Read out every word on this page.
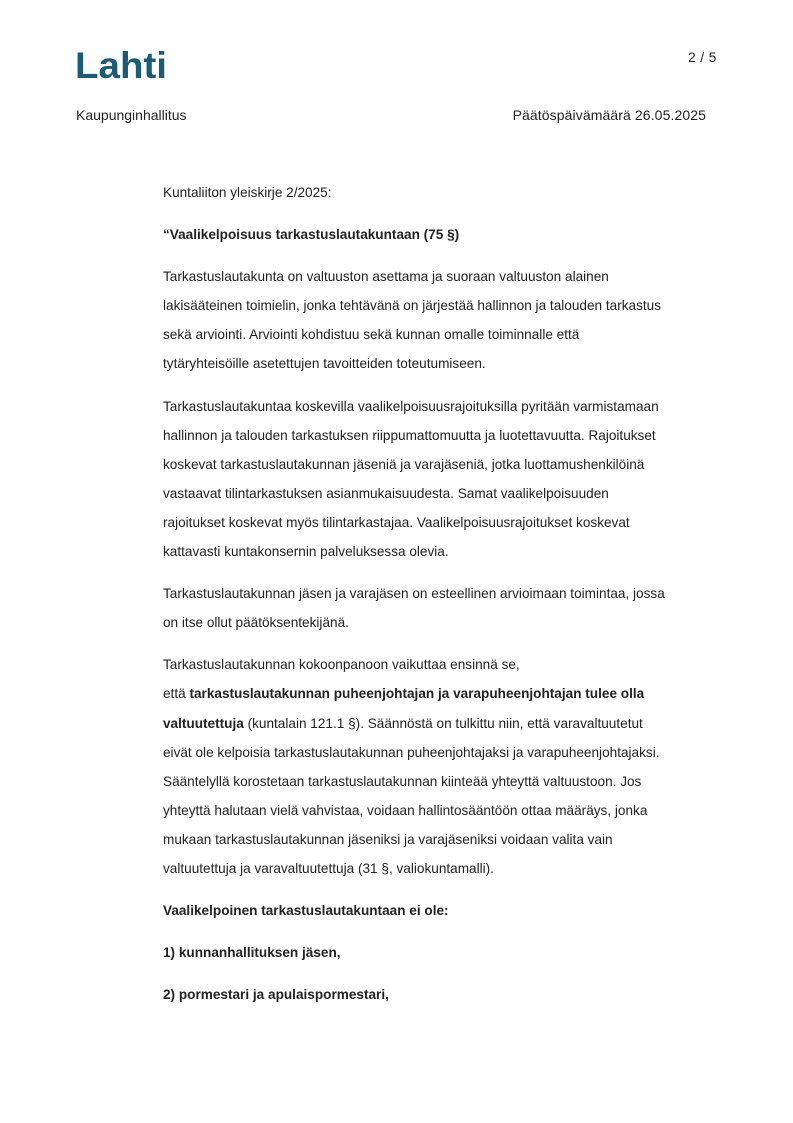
Lahti	2 / 5
Kaupunginhallitus	Päätöspäivämäärä 26.05.2025

Kuntaliiton yleiskirje 2/2025:

“Vaalikelpoisuus tarkastuslautakuntaan (75 §)

Tarkastuslautakunta on valtuuston asettama ja suoraan valtuuston alainen

lakisääteinen toimielin, jonka tehtävänä on järjestää hallinnon ja talouden tarkastus

sekä arviointi. Arviointi kohdistuu sekä kunnan omalle toiminnalle että

tytäryhteisöille asetettujen tavoitteiden toteutumiseen.

Tarkastuslautakuntaa koskevilla vaalikelpoisuusrajoituksilla pyritään varmistamaan

hallinnon ja talouden tarkastuksen riippumattomuutta ja luotettavuutta. Rajoitukset

koskevat tarkastuslautakunnan jäseniä ja varajäseniä, jotka luottamushenkilöinä

vastaavat tilintarkastuksen asianmukaisuudesta. Samat vaalikelpoisuuden

rajoitukset koskevat myös tilintarkastajaa. Vaalikelpoisuusrajoitukset koskevat

kattavasti kuntakonsernin palveluksessa olevia.

Tarkastuslautakunnan jäsen ja varajäsen on esteellinen arvioimaan toimintaa, jossa

on itse ollut päätöksentekijänä.

Tarkastuslautakunnan kokoonpanoon vaikuttaa ensinnä se,

että tarkastuslautakunnan puheenjohtajan ja varapuheenjohtajan tulee olla

valtuutettuja (kuntalain 121.1 §). Säännöstä on tulkittu niin, että varavaltuutetut

eivät ole kelpoisia tarkastuslautakunnan puheenjohtajaksi ja varapuheenjohtajaksi.

Sääntelyllä korostetaan tarkastuslautakunnan kiinteää yhteyttä valtuustoon. Jos

yhteyttä halutaan vielä vahvistaa, voidaan hallintosääntöön ottaa määräys, jonka

mukaan tarkastuslautakunnan jäseniksi ja varajäseniksi voidaan valita vain

valtuutettuja ja varavaltuutettuja (31 §, valiokuntamalli).

Vaalikelpoinen tarkastuslautakuntaan ei ole:

1) kunnanhallituksen jäsen,

2) pormestari ja apulaispormestari,
